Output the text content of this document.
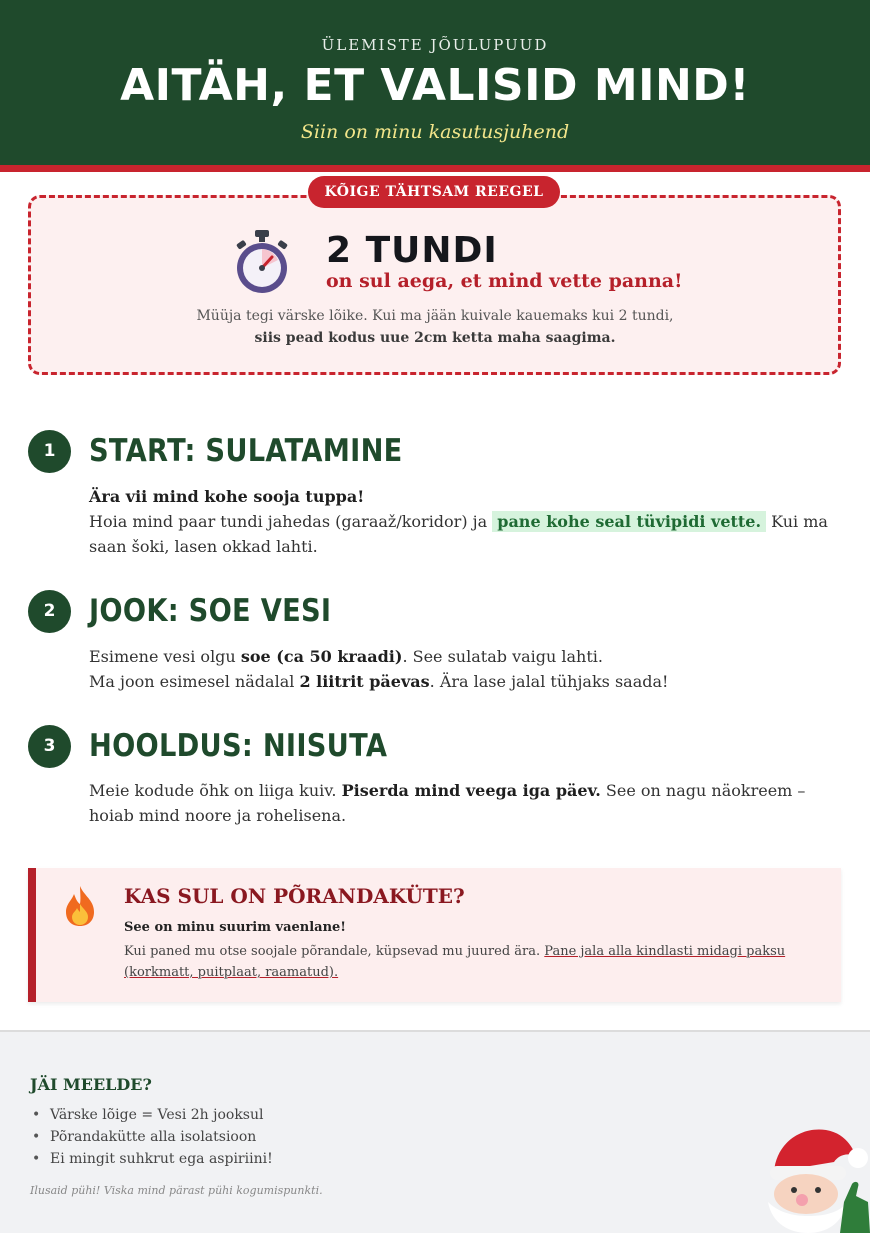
ÜLEMISTE JÕULUPUUD
AITÄH, ET VALISID MIND!
Siin on minu kasutusjuhend
KÕIGE TÄHTSAM REEGEL
2 TUNDI
on sul aega, et mind vette panna!
Müüja tegi värske lõike. Kui ma jään kuivale kauemaks kui 2 tundi,
siis pead kodus uue 2cm ketta maha saagima.
1	START: SULATAMINE
Ära vii mind kohe sooja tuppa!
Hoia mind paar tundi jahedas (garaaž/koridor) ja pane kohe seal tüvipidi vette. Kui ma saan šoki, lasen okkad lahti.
2	JOOK: SOE VESI
Esimene vesi olgu soe (ca 50 kraadi). See sulatab vaigu lahti.
Ma joon esimesel nädalal 2 liitrit päevas. Ära lase jalal tühjaks saada!
3	HOOLDUS: NIISUTA
Meie kodude õhk on liiga kuiv. Piserda mind veega iga päev. See on nagu näokreem – hoiab mind noore ja rohelisena.
KAS SUL ON PÕRANDAKÜTE?
See on minu suurim vaenlane!
Kui paned mu otse soojale põrandale, küpsevad mu juured ära. Pane jala alla kindlasti midagi paksu (korkmatt, puitplaat, raamatud).
JÄI MEELDE?
• Värske lõige = Vesi 2h jooksul
• Põrandakütte alla isolatsioon
• Ei mingit suhkrut ega aspiriini!
Ilusaid pühi! Viska mind pärast pühi kogumispunkti.
